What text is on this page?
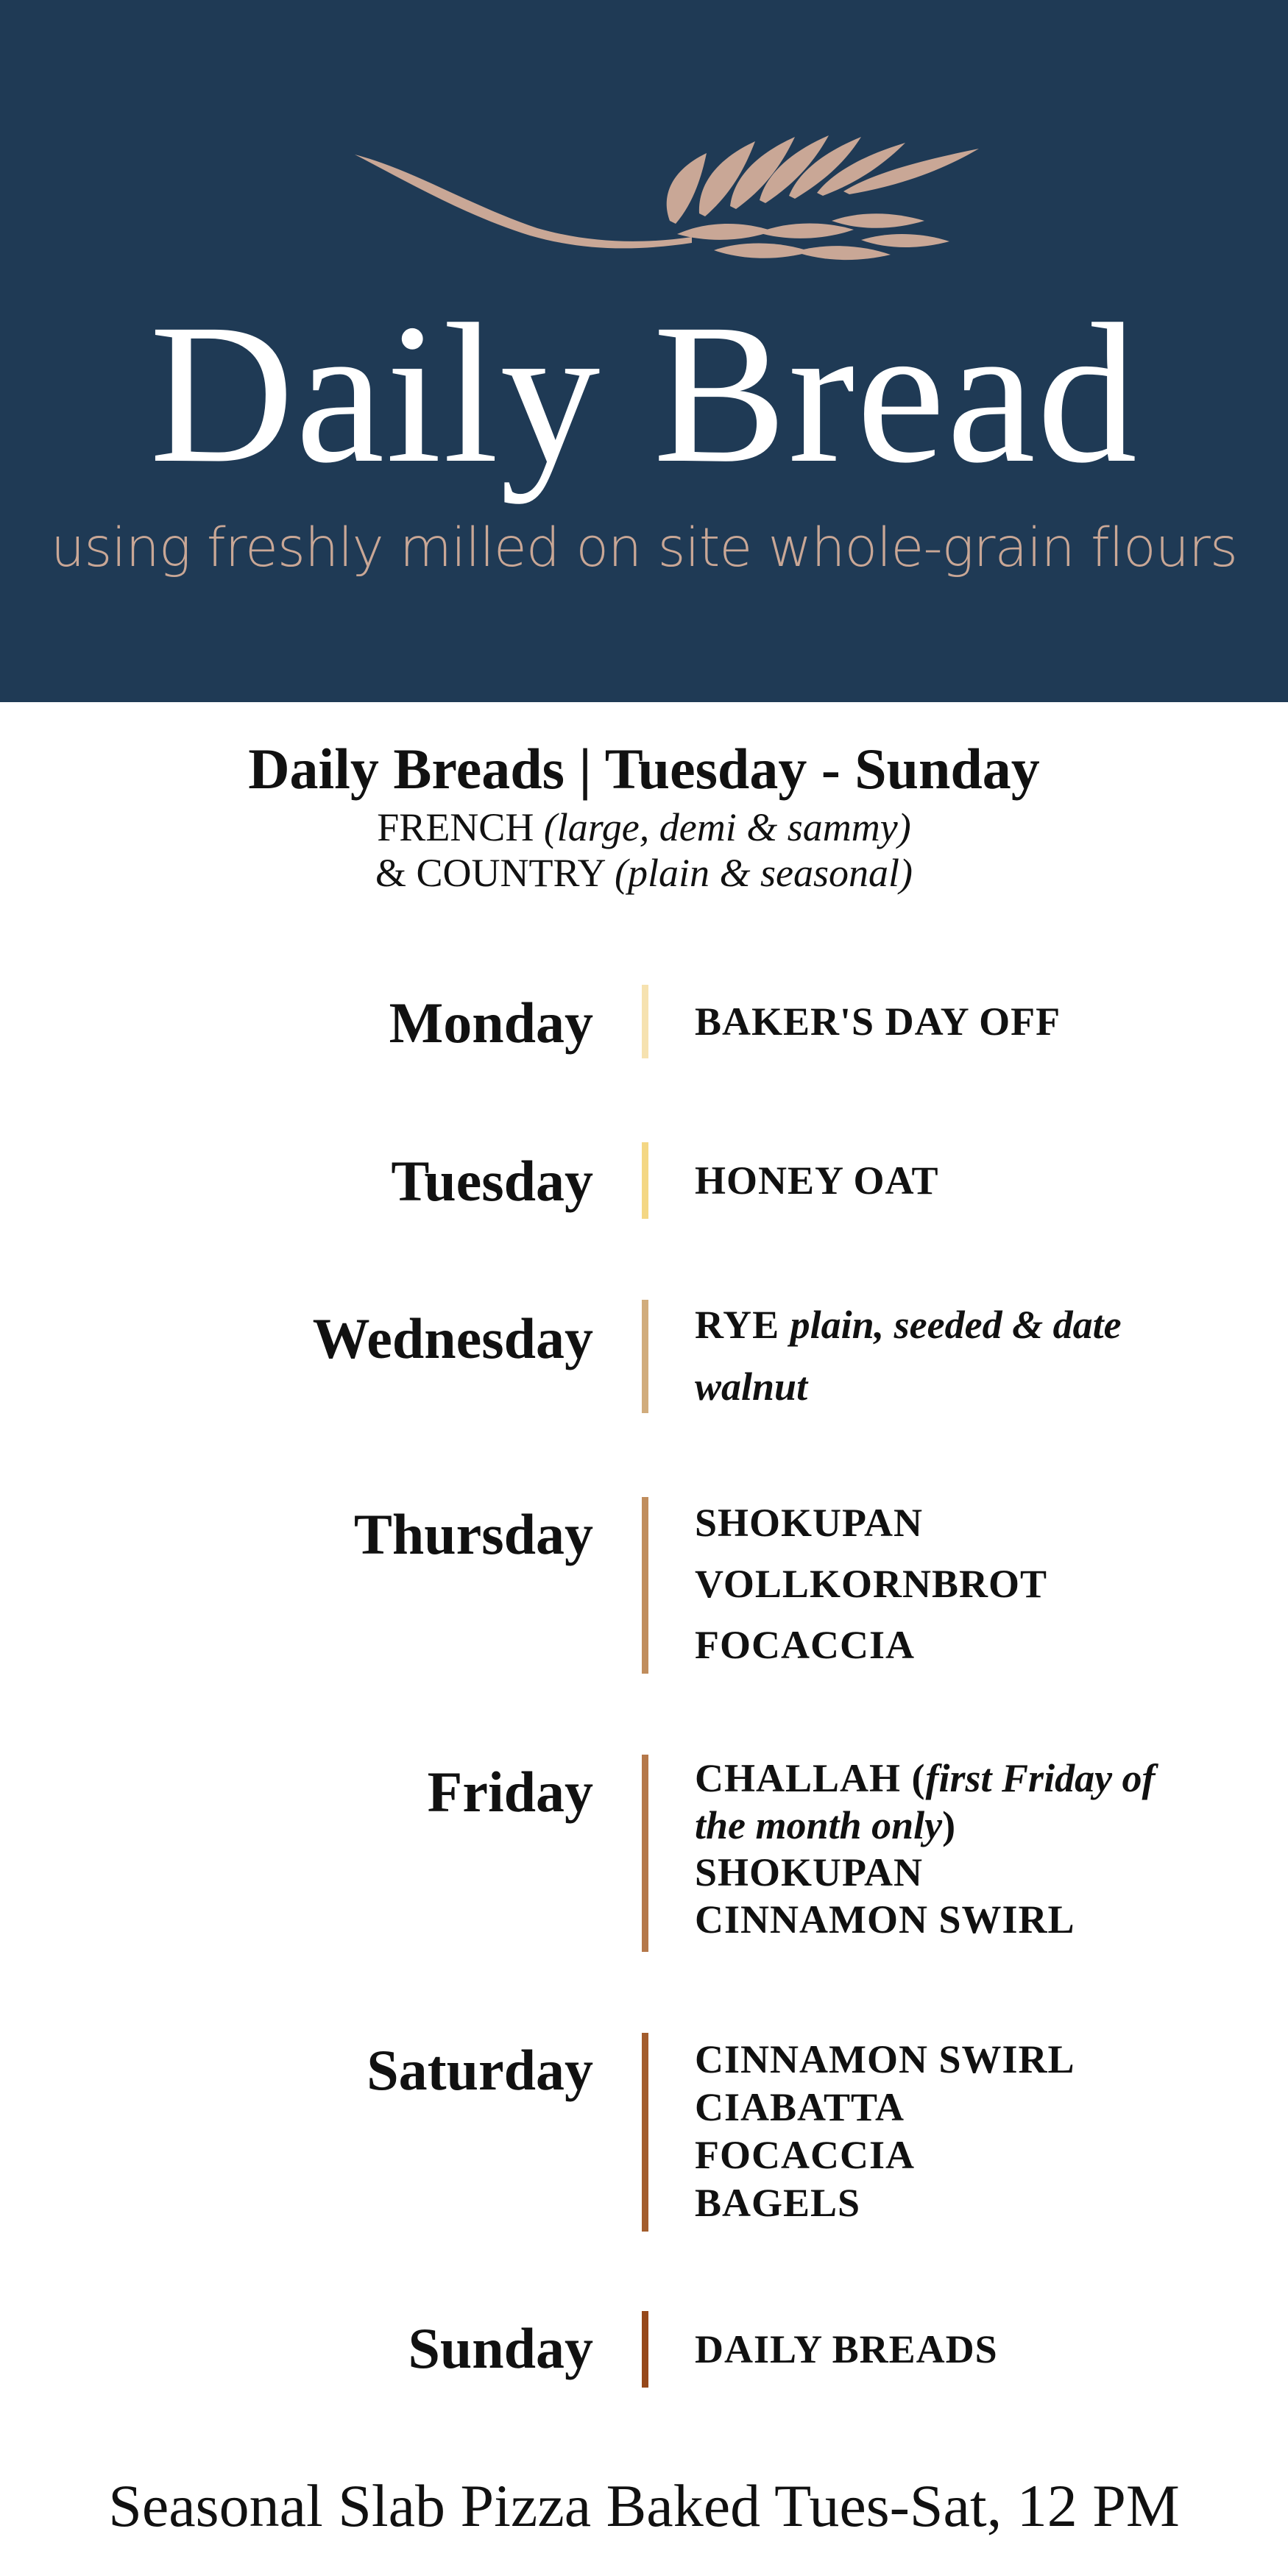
Daily Bread
using freshly milled on site whole-grain flours
Daily Breads | Tuesday - Sunday
FRENCH (large, demi & sammy)
& COUNTRY (plain & seasonal)
Monday	BAKER'S DAY OFF
Tuesday	HONEY OAT
Wednesday	RYE plain, seeded & date walnut
Thursday	SHOKUPAN
VOLLKORNBROT
FOCACCIA
Friday	CHALLAH (first Friday of the month only)
SHOKUPAN
CINNAMON SWIRL
Saturday	CINNAMON SWIRL
CIABATTA
FOCACCIA
BAGELS
Sunday	DAILY BREADS
Seasonal Slab Pizza Baked Tues-Sat, 12 PM
